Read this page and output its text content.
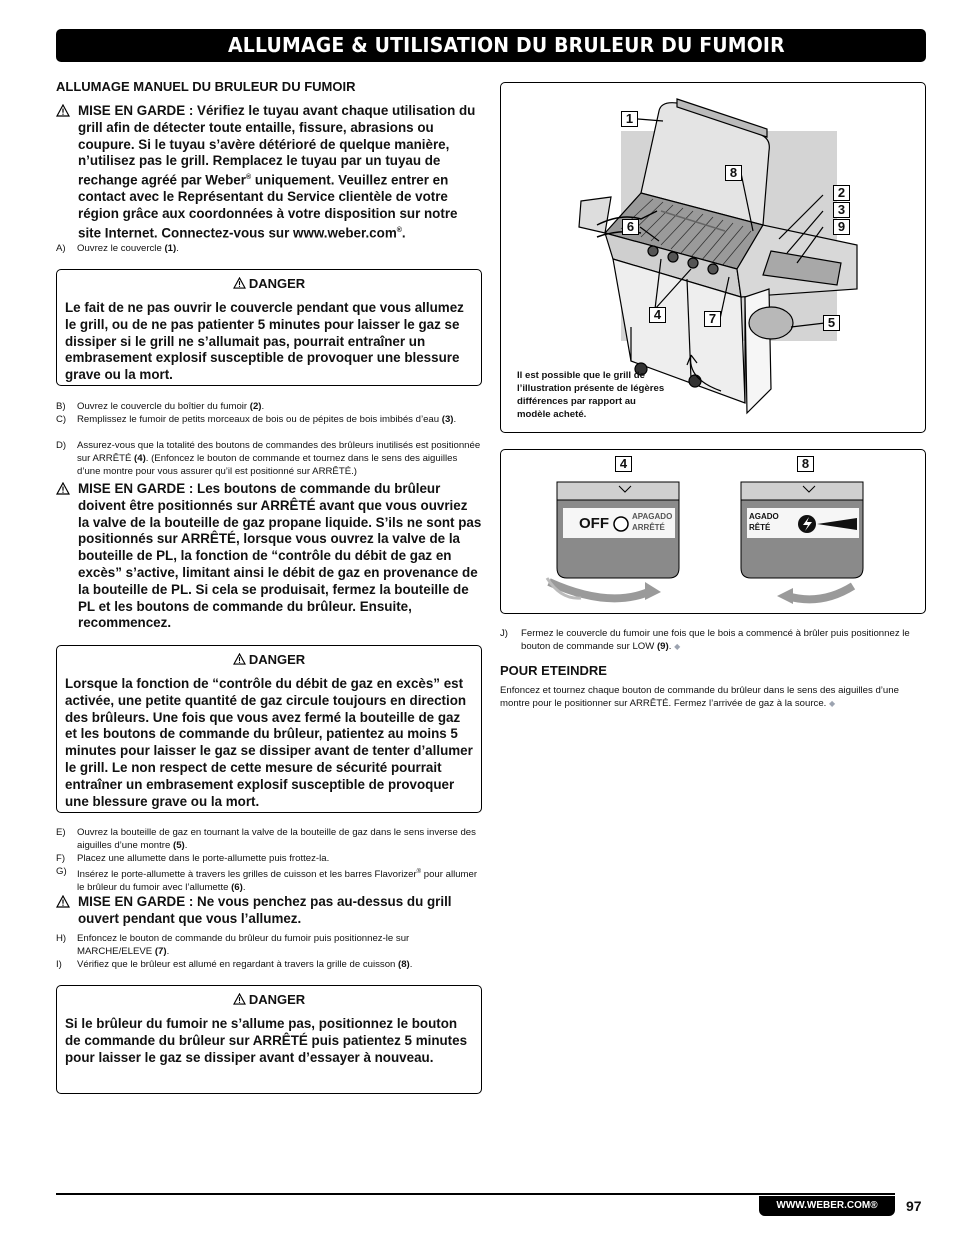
ALLUMAGE & UTILISATION DU BRULEUR DU FUMOIR
ALLUMAGE MANUEL DU BRULEUR DU FUMOIR
MISE EN GARDE : Vérifiez le tuyau avant chaque utilisation du grill afin de détecter toute entaille, fissure, abrasions ou coupure. Si le tuyau s’avère détérioré de quelque manière, n’utilisez pas le grill. Remplacez le tuyau par un tuyau de rechange agréé par Weber® uniquement. Veuillez entrer en contact avec le Représentant du Service clientèle de votre région grâce aux coordonnées à votre disposition sur notre site Internet. Connectez-vous sur www.weber.com®.
A) Ouvrez le couvercle (1).
DANGER
Le fait de ne pas ouvrir le couvercle pendant que vous allumez le grill, ou de ne pas patienter 5 minutes pour laisser le gaz se dissiper si le grill ne s’allumait pas, pourrait entraîner un embrasement explosif susceptible de provoquer une blessure grave ou la mort.
B) Ouvrez le couvercle du boîtier du fumoir (2).
C) Remplissez le fumoir de petits morceaux de bois ou de pépites de bois imbibés d’eau (3).
D) Assurez-vous que la totalité des boutons de commandes des brûleurs inutilisés est positionnée sur ARRÊTÉ (4). (Enfoncez le bouton de commande et tournez dans le sens des aiguilles d’une montre pour vous assurer qu’il est positionné sur ARRÊTÉ.)
MISE EN GARDE : Les boutons de commande du brûleur doivent être positionnés sur ARRÊTÉ avant que vous ouvriez la valve de la bouteille de gaz propane liquide. S’ils ne sont pas positionnés sur ARRÊTÉ, lorsque vous ouvrez la valve de la bouteille de PL, la fonction de “contrôle du débit de gaz en excès” s’active, limitant ainsi le débit de gaz en provenance de la bouteille de PL. Si cela se produisait, fermez la bouteille de PL et les boutons de commande du brûleur. Ensuite, recommencez.
DANGER
Lorsque la fonction de “contrôle du débit de gaz en excès” est activée, une petite quantité de gaz circule toujours en direction des brûleurs. Une fois que vous avez fermé la bouteille de gaz et les boutons de commande du brûleur, patientez au moins 5 minutes pour laisser le gaz se dissiper avant de tenter d’allumer le grill. Le non respect de cette mesure de sécurité pourrait entraîner un embrasement explosif susceptible de provoquer une blessure grave ou la mort.
E) Ouvrez la bouteille de gaz en tournant la valve de la bouteille de gaz dans le sens inverse des aiguilles d’une montre (5).
F) Placez une allumette dans le porte-allumette puis frottez-la.
G) Insérez le porte-allumette à travers les grilles de cuisson et les barres Flavorizer® pour allumer le brûleur du fumoir avec l’allumette (6).
MISE EN GARDE : Ne vous penchez pas au-dessus du grill ouvert pendant que vous l’allumez.
H) Enfoncez le bouton de commande du brûleur du fumoir puis positionnez-le sur MARCHE/ELEVE (7).
I) Vérifiez que le brûleur est allumé en regardant à travers la grille de cuisson (8).
DANGER
Si le brûleur du fumoir ne s’allume pas, positionnez le bouton de commande du brûleur sur ARRÊTÉ puis patientez 5 minutes pour laisser le gaz se dissiper avant d’essayer à nouveau.
1
8
2
3
9
6
4	7	5
Il est possible que le grill de l’illustration présente de légères différences par rapport au modèle acheté.
4	8
OFF	APAGADO
ARRÊTÉ
AGADO
RÊTÉ
J) Fermez le couvercle du fumoir une fois que le bois a commencé à brûler puis positionnez le bouton de commande sur LOW (9). ◆
POUR ETEINDRE
Enfoncez et tournez chaque bouton de commande du brûleur dans le sens des aiguilles d’une montre pour le positionner sur ARRÊTÉ. Fermez l’arrivée de gaz à la source. ◆
WWW.WEBER.COM®	97
